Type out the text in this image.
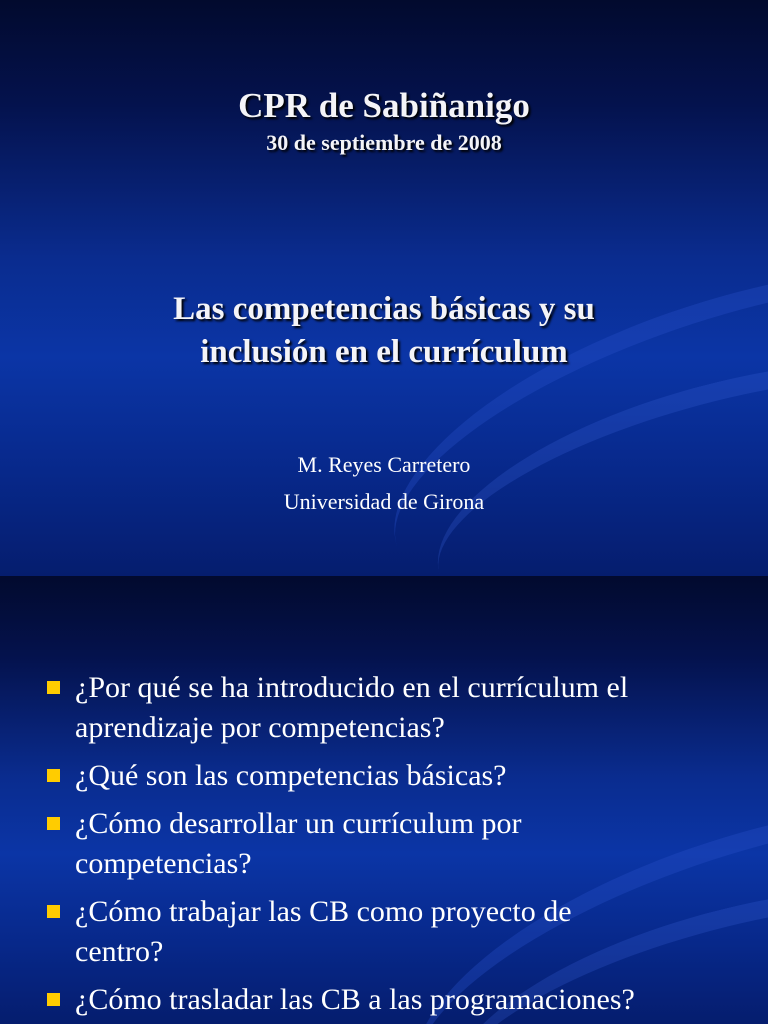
CPR de Sabiñanigo
30 de septiembre de 2008
Las competencias básicas y su
inclusión en el currículum
M. Reyes Carretero
Universidad de Girona
¿Por qué se ha introducido en el currículum el
aprendizaje por competencias?
¿Qué son las competencias básicas?
¿Cómo desarrollar un currículum por
competencias?
¿Cómo trabajar las CB como proyecto de
centro?
¿Cómo trasladar las CB a las programaciones?
